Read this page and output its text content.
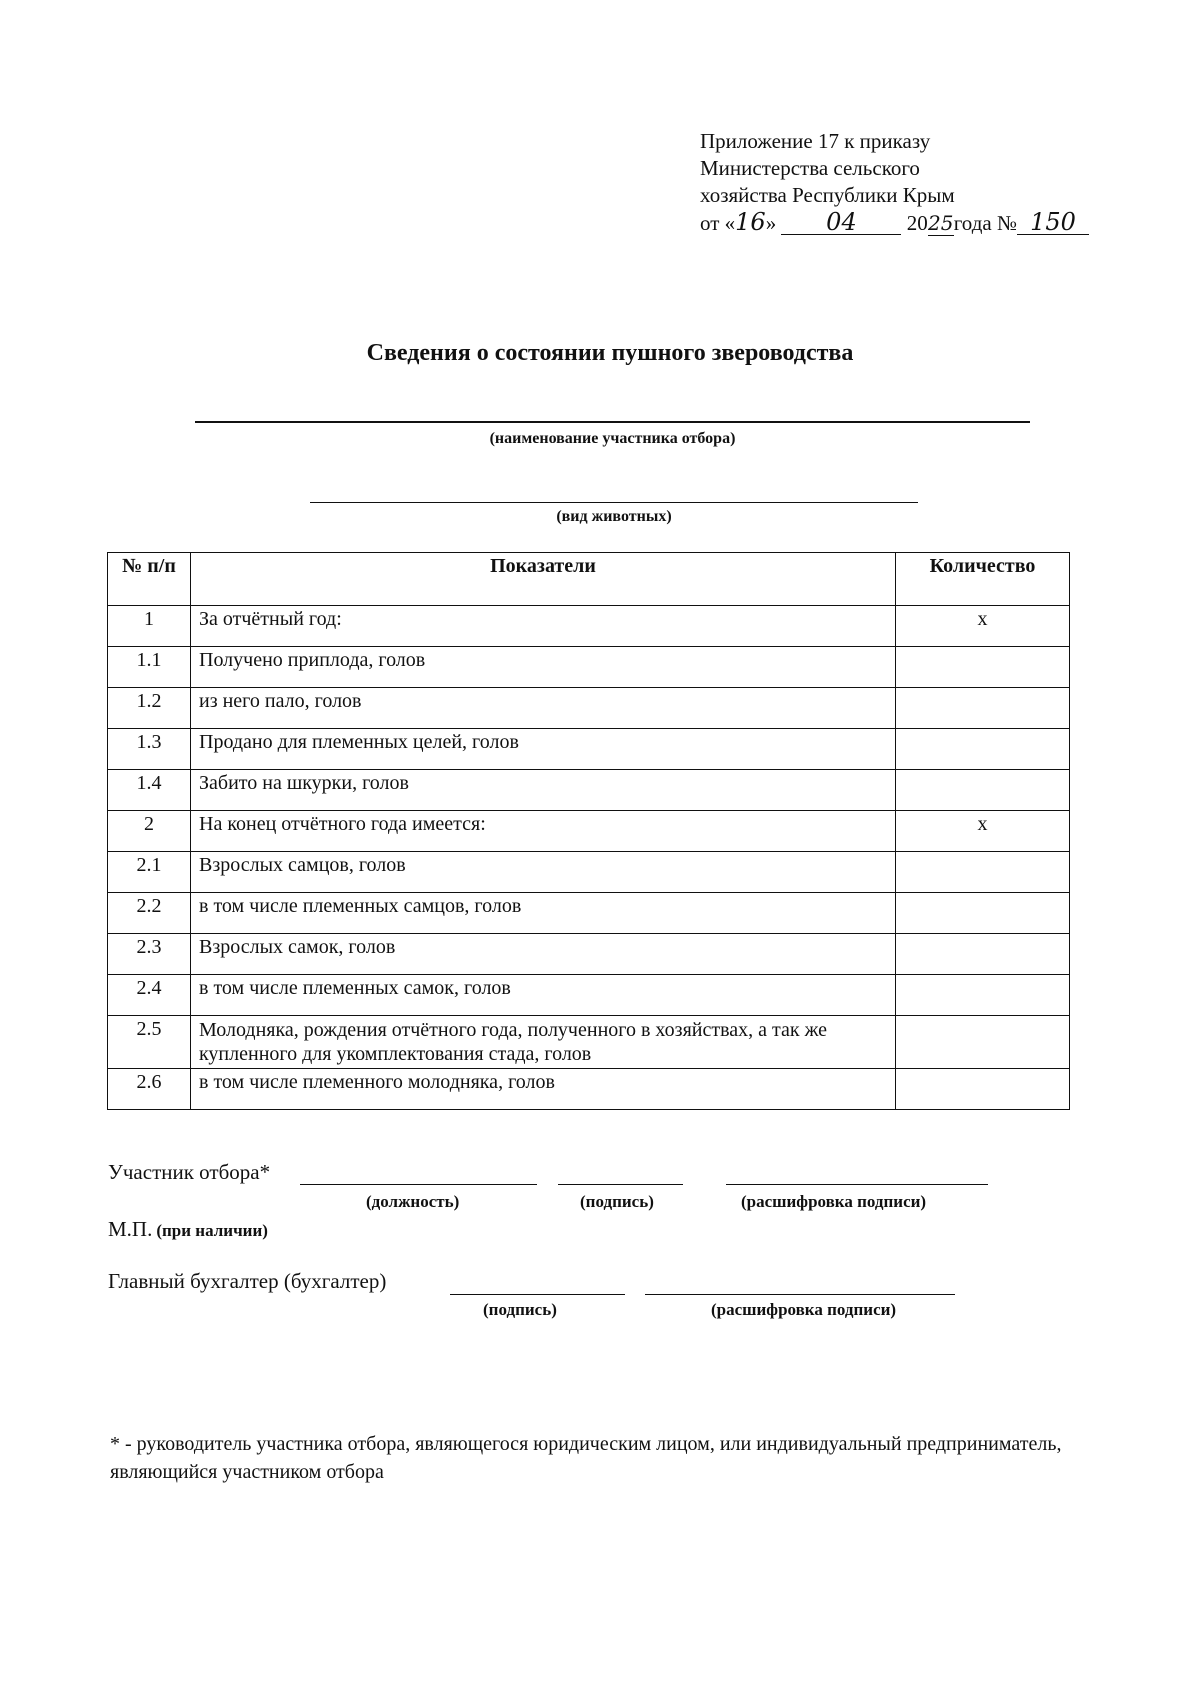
Приложение 17 к приказу
Министерства сельского
хозяйства Республики Крым
от «16» 04 2025года № 150
Сведения о состоянии пушного звероводства
(наименование участника отбора)
(вид животных)
№ п/п	Показатели	Количество
1	За отчётный год:	х
1.1	Получено приплода, голов	
1.2	из него пало, голов	
1.3	Продано для племенных целей, голов	
1.4	Забито на шкурки, голов	
2	На конец отчётного года имеется:	х
2.1	Взрослых самцов, голов	
2.2	в том числе племенных самцов, голов	
2.3	Взрослых самок, голов	
2.4	в том числе племенных самок, голов	
2.5	Молодняка, рождения отчётного года, полученного в хозяйствах, а так же купленного для укомплектования стада, голов	
2.6	в том числе племенного молодняка, голов	
Участник отбора*
(должность)	(подпись)	(расшифровка подписи)
М.П. (при наличии)
Главный бухгалтер (бухгалтер)
(подпись)	(расшифровка подписи)
* - руководитель участника отбора, являющегося юридическим лицом, или индивидуальный предприниматель, являющийся участником отбора
